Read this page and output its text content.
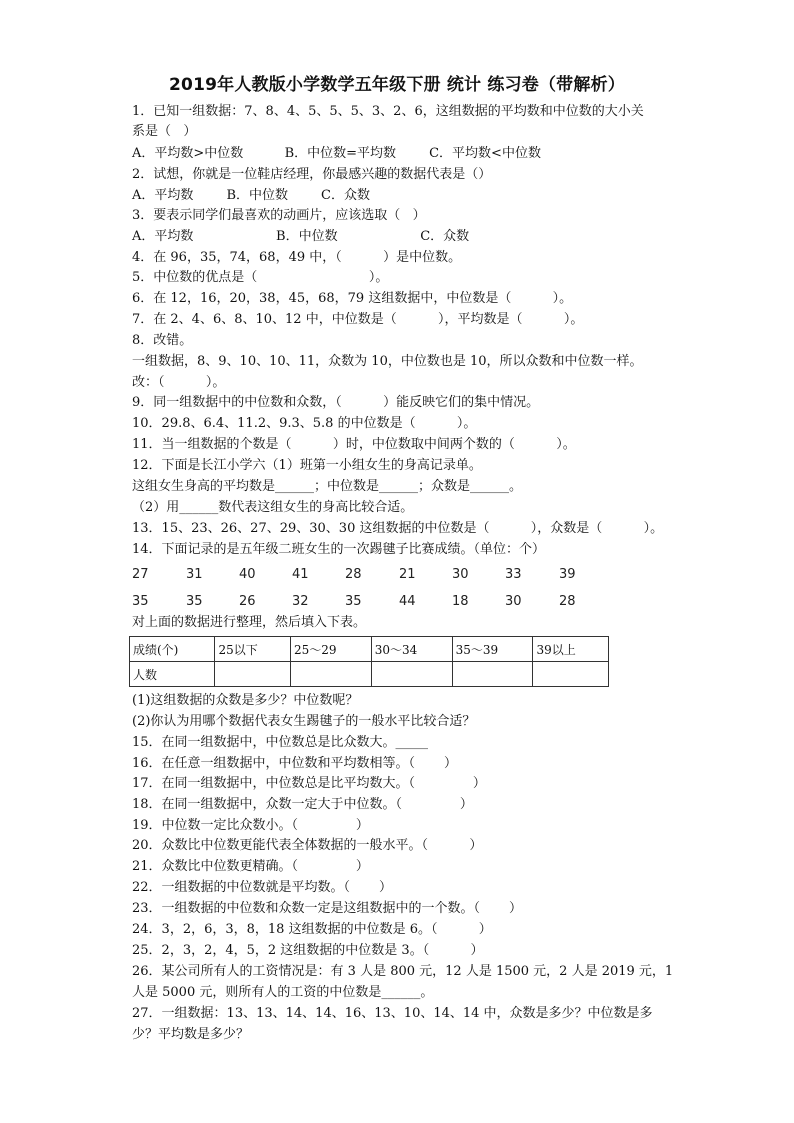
2019年人教版小学数学五年级下册 统计 练习卷（带解析）
1．已知一组数据：7、8、4、5、5、5、3、2、6，这组数据的平均数和中位数的大小关
系是（   ）
A．平均数>中位数          B．中位数=平均数        C．平均数<中位数
2．试想，你就是一位鞋店经理，你最感兴趣的数据代表是（）
A．平均数        B．中位数        C．众数
3．要表示同学们最喜欢的动画片，应该选取（   ）
A．平均数                    B．中位数                    C．众数
4．在 96，35，74，68，49 中，（          ）是中位数。
5．中位数的优点是（                           ）。
6．在 12，16，20，38，45，68，79 这组数据中，中位数是（          ）。
7．在 2、4、6、8、10、12 中，中位数是（          ），平均数是（          ）。
8．改错。
一组数据，8、9、10、10、11，众数为 10，中位数也是 10，所以众数和中位数一样。
改：（          ）。
9．同一组数据中的中位数和众数，（          ）能反映它们的集中情况。
10．29.8、6.4、11.2、9.3、5.8 的中位数是（          ）。
11．当一组数据的个数是（          ）时，中位数取中间两个数的（          ）。
12．下面是长江小学六（1）班第一小组女生的身高记录单。
这组女生身高的平均数是______；中位数是______；众数是______。
（2）用______数代表这组女生的身高比较合适。
13．15、23、26、27、29、30、30 这组数据的中位数是（          ），众数是（          ）。
14．下面记录的是五年级二班女生的一次踢毽子比赛成绩。（单位：个）
27	31	40	41	28	21	30	33	39
35	35	26	32	35	44	18	30	28
对上面的数据进行整理，然后填入下表。
成绩(个)	25以下	25～29	30～34	35～39	39以上
人数					
(1)这组数据的众数是多少？中位数呢？
(2)你认为用哪个数据代表女生踢毽子的一般水平比较合适？
15．在同一组数据中，中位数总是比众数大。_____
16．在任意一组数据中，中位数和平均数相等。（       ）
17．在同一组数据中，中位数总是比平均数大。（              ）
18．在同一组数据中，众数一定大于中位数。（              ）
19．中位数一定比众数小。（              ）
20．众数比中位数更能代表全体数据的一般水平。（          ）
21．众数比中位数更精确。（              ）
22．一组数据的中位数就是平均数。（       ）
23．一组数据的中位数和众数一定是这组数据中的一个数。（       ）
24．3，2，6，3，8，18 这组数据的中位数是 6。（          ）
25．2，3，2，4，5，2 这组数据的中位数是 3。（          ）
26．某公司所有人的工资情况是：有 3 人是 800 元，12 人是 1500 元，2 人是 2019 元，1
人是 5000 元，则所有人的工资的中位数是______。
27．一组数据：13、13、14、14、16、13、10、14、14 中，众数是多少？中位数是多
少？平均数是多少？
